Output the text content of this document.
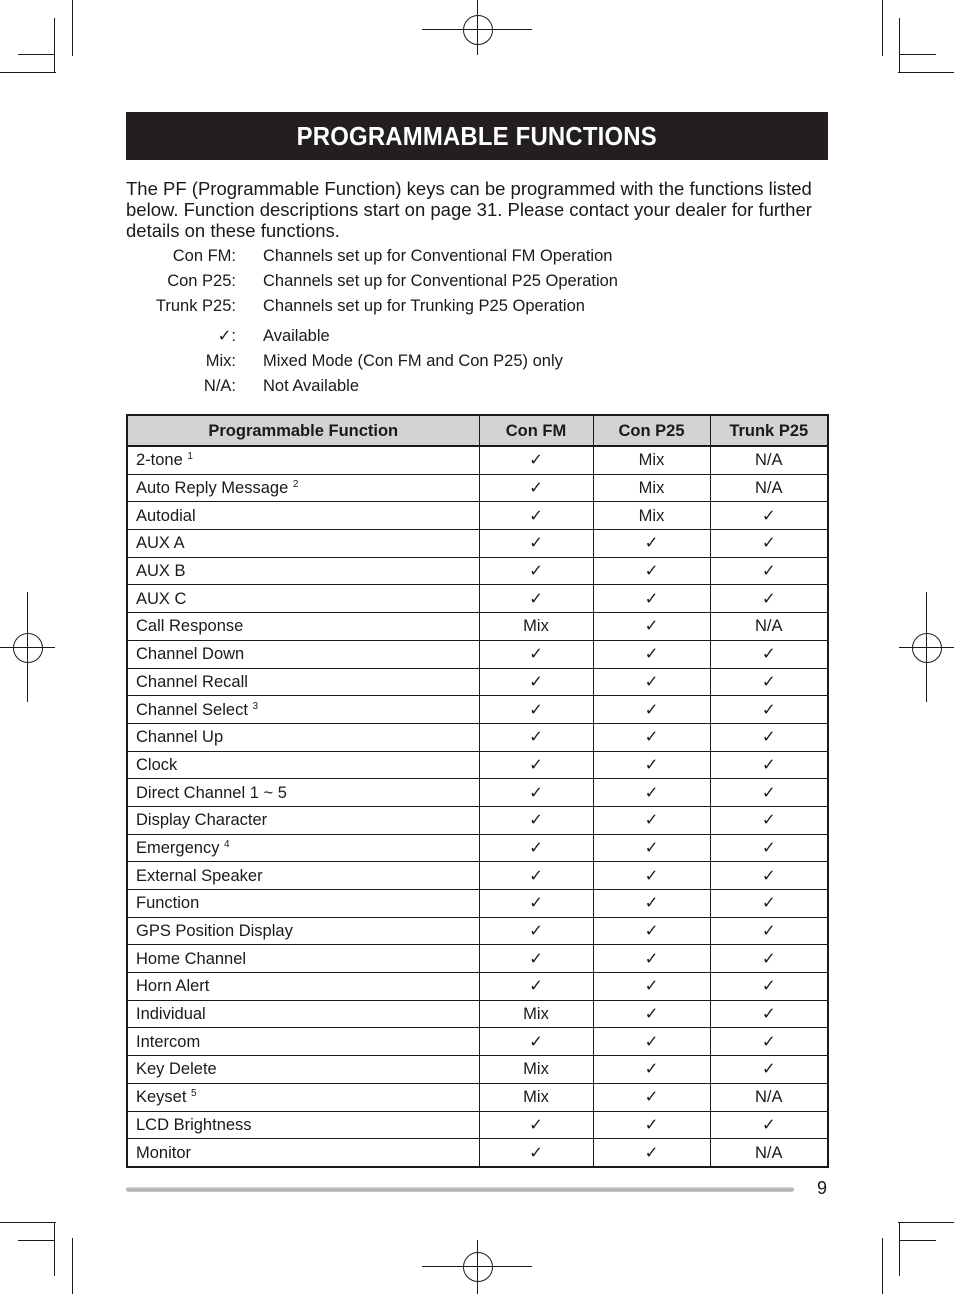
PROGRAMMABLE FUNCTIONS
The PF (Programmable Function) keys can be programmed with the functions listed below. Function descriptions start on page 31. Please contact your dealer for further details on these functions.
Con FM: Channels set up for Conventional FM Operation
Con P25: Channels set up for Conventional P25 Operation
Trunk P25: Channels set up for Trunking P25 Operation
✓: Available
Mix: Mixed Mode (Con FM and Con P25) only
N/A: Not Available
Programmable Function	Con FM	Con P25	Trunk P25
2-tone $^1$	✓	Mix	N/A
Auto Reply Message $^2$	✓	Mix	N/A
Autodial	✓	Mix	✓
AUX A	✓	✓	✓
AUX B	✓	✓	✓
AUX C	✓	✓	✓
Call Response	Mix	✓	N/A
Channel Down	✓	✓	✓
Channel Recall	✓	✓	✓
Channel Select $^3$	✓	✓	✓
Channel Up	✓	✓	✓
Clock	✓	✓	✓
Direct Channel 1 ~ 5	✓	✓	✓
Display Character	✓	✓	✓
Emergency $^4$	✓	✓	✓
External Speaker	✓	✓	✓
Function	✓	✓	✓
GPS Position Display	✓	✓	✓
Home Channel	✓	✓	✓
Horn Alert	✓	✓	✓
Individual	Mix	✓	✓
Intercom	✓	✓	✓
Key Delete	Mix	✓	✓
Keyset $^5$	Mix	✓	N/A
LCD Brightness	✓	✓	✓
Monitor	✓	✓	N/A
9
